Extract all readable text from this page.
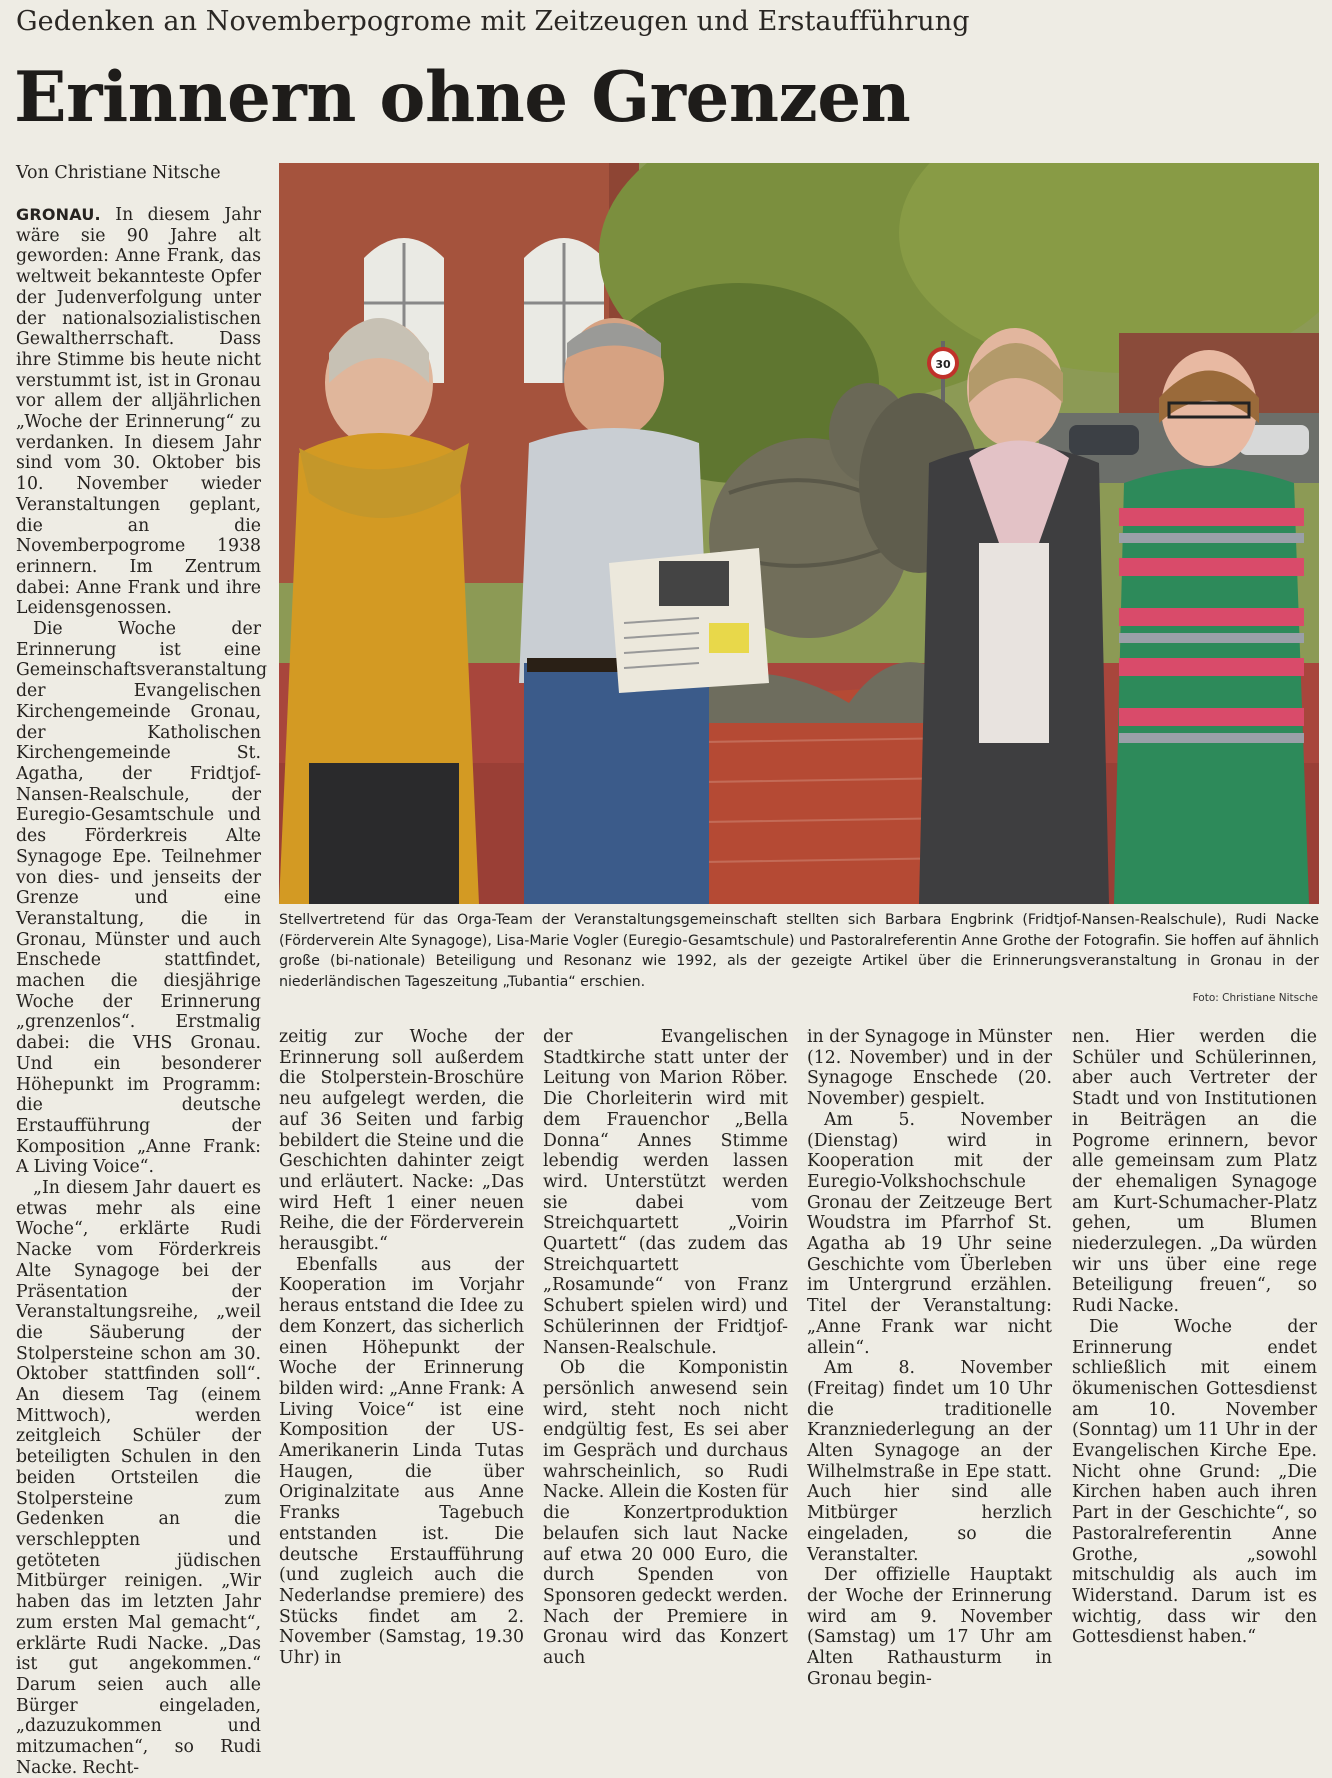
Gedenken an Novemberpogrome mit Zeitzeugen und Erstaufführung
Erinnern ohne Grenzen
Von Christiane Nitsche
30
Stellvertretend für das Orga-Team der Veranstaltungsgemeinschaft stellten sich Barbara Engbrink (Fridtjof-Nansen-Realschule), Rudi Nacke (Förderverein Alte Synagoge), Lisa-Marie Vogler (Euregio-Gesamtschule) und Pastoralreferentin Anne Grothe der Fotografin. Sie hoffen auf ähnlich große (bi-nationale) Beteiligung und Resonanz wie 1992, als der gezeigte Artikel über die Erinnerungsveranstaltung in Gronau in der niederländischen Tageszeitung „Tubantia“ erschien.
Foto: Christiane Nitsche

GRONAU. In diesem Jahr wäre sie 90 Jahre alt geworden: Anne Frank, das weltweit bekannteste Opfer der Judenverfolgung unter der nationalsozialistischen Gewaltherrschaft. Dass ihre Stimme bis heute nicht verstummt ist, ist in Gronau vor allem der alljährlichen „Woche der Erinnerung“ zu verdanken. In diesem Jahr sind vom 30. Oktober bis 10. November wieder Veranstaltungen geplant, die an die Novemberpogrome 1938 erinnern. Im Zentrum dabei: Anne Frank und ihre Leidensgenossen.

Die Woche der Erinnerung ist eine Gemeinschaftsveranstaltung der Evangelischen Kirchengemeinde Gronau, der Katholischen Kirchengemeinde St. Agatha, der Fridtjof-Nansen-Realschule, der Euregio-Gesamtschule und des Förderkreis Alte Synagoge Epe. Teilnehmer von dies- und jenseits der Grenze und eine Veranstaltung, die in Gronau, Münster und auch Enschede stattfindet, machen die diesjährige Woche der Erinnerung „grenzenlos“. Erstmalig dabei: die VHS Gronau. Und ein besonderer Höhepunkt im Programm: die deutsche Erstaufführung der Komposition „Anne Frank: A Living Voice“.

„In diesem Jahr dauert es etwas mehr als eine Woche“, erklärte Rudi Nacke vom Förderkreis Alte Synagoge bei der Präsentation der Veranstaltungsreihe, „weil die Säuberung der Stolpersteine schon am 30. Oktober stattfinden soll“. An diesem Tag (einem Mittwoch), werden zeitgleich Schüler der beteiligten Schulen in den beiden Ortsteilen die Stolpersteine zum Gedenken an die verschleppten und getöteten jüdischen Mitbürger reinigen. „Wir haben das im letzten Jahr zum ersten Mal gemacht“, erklärte Rudi Nacke. „Das ist gut angekommen.“ Darum seien auch alle Bürger eingeladen, „dazuzukommen und mitzumachen“, so Rudi Nacke. Recht-

zeitig zur Woche der Erinnerung soll außerdem die Stolperstein-Broschüre neu aufgelegt werden, die auf 36 Seiten und farbig bebildert die Steine und die Geschichten dahinter zeigt und erläutert. Nacke: „Das wird Heft 1 einer neuen Reihe, die der Förderverein herausgibt.“

Ebenfalls aus der Kooperation im Vorjahr heraus entstand die Idee zu dem Konzert, das sicherlich einen Höhepunkt der Woche der Erinnerung bilden wird: „Anne Frank: A Living Voice“ ist eine Komposition der US-Amerikanerin Linda Tutas Haugen, die über Originalzitate aus Anne Franks Tagebuch entstanden ist. Die deutsche Erstaufführung (und zugleich auch die Nederlandse premiere) des Stücks findet am 2. November (Samstag, 19.30 Uhr) in

der Evangelischen Stadtkirche statt unter der Leitung von Marion Röber. Die Chorleiterin wird mit dem Frauenchor „Bella Donna“ Annes Stimme lebendig werden lassen wird. Unterstützt werden sie dabei vom Streichquartett „Voirin Quartett“ (das zudem das Streichquartett „Rosamunde“ von Franz Schubert spielen wird) und Schülerinnen der Fridtjof-Nansen-Realschule.

Ob die Komponistin persönlich anwesend sein wird, steht noch nicht endgültig fest, Es sei aber im Gespräch und durchaus wahrscheinlich, so Rudi Nacke. Allein die Kosten für die Konzertproduktion belaufen sich laut Nacke auf etwa 20 000 Euro, die durch Spenden von Sponsoren gedeckt werden. Nach der Premiere in Gronau wird das Konzert auch

in der Synagoge in Münster (12. November) und in der Synagoge Enschede (20. November) gespielt.

Am 5. November (Dienstag) wird in Kooperation mit der Euregio-Volkshochschule Gronau der Zeitzeuge Bert Woudstra im Pfarrhof St. Agatha ab 19 Uhr seine Geschichte vom Überleben im Untergrund erzählen. Titel der Veranstaltung: „Anne Frank war nicht allein“.

Am 8. November (Freitag) findet um 10 Uhr die traditionelle Kranzniederlegung an der Alten Synagoge an der Wilhelmstraße in Epe statt. Auch hier sind alle Mitbürger herzlich eingeladen, so die Veranstalter.

Der offizielle Hauptakt der Woche der Erinnerung wird am 9. November (Samstag) um 17 Uhr am Alten Rathausturm in Gronau begin-

nen. Hier werden die Schüler und Schülerinnen, aber auch Vertreter der Stadt und von Institutionen in Beiträgen an die Pogrome erinnern, bevor alle gemeinsam zum Platz der ehemaligen Synagoge am Kurt-Schumacher-Platz gehen, um Blumen niederzulegen. „Da würden wir uns über eine rege Beteiligung freuen“, so Rudi Nacke.

Die Woche der Erinnerung endet schließlich mit einem ökumenischen Gottesdienst am 10. November (Sonntag) um 11 Uhr in der Evangelischen Kirche Epe. Nicht ohne Grund: „Die Kirchen haben auch ihren Part in der Geschichte“, so Pastoralreferentin Anne Grothe, „sowohl mitschuldig als auch im Widerstand. Darum ist es wichtig, dass wir den Gottesdienst haben.“
